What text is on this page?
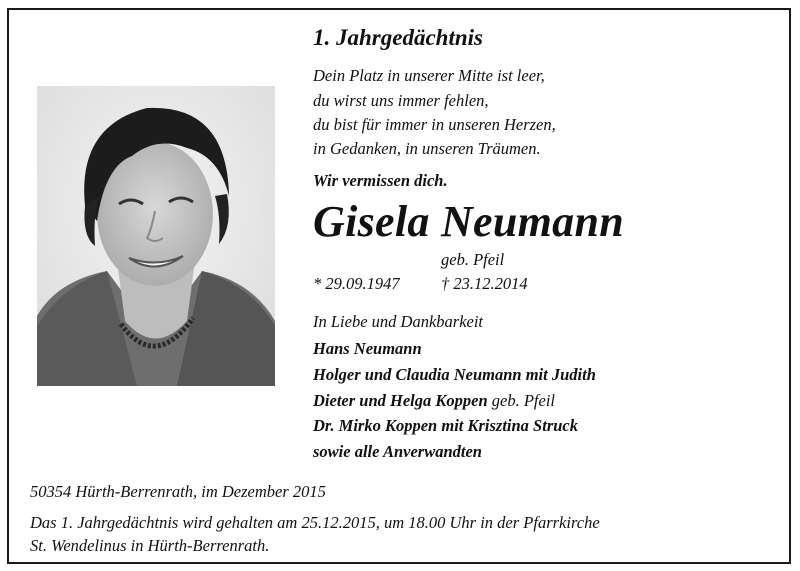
1. Jahrgedächtnis
Dein Platz in unserer Mitte ist leer,
du wirst uns immer fehlen,
du bist für immer in unseren Herzen,
in Gedanken, in unseren Träumen.
Wir vermissen dich.
Gisela Neumann
geb. Pfeil
* 29.09.1947	† 23.12.2014
In Liebe und Dankbarkeit
Hans Neumann
Holger und Claudia Neumann mit Judith
Dieter und Helga Koppen geb. Pfeil
Dr. Mirko Koppen mit Krisztina Struck
sowie alle Anverwandten
50354 Hürth-Berrenrath, im Dezember 2015
Das 1. Jahrgedächtnis wird gehalten am 25.12.2015, um 18.00 Uhr in der Pfarrkirche
St. Wendelinus in Hürth-Berrenrath.
